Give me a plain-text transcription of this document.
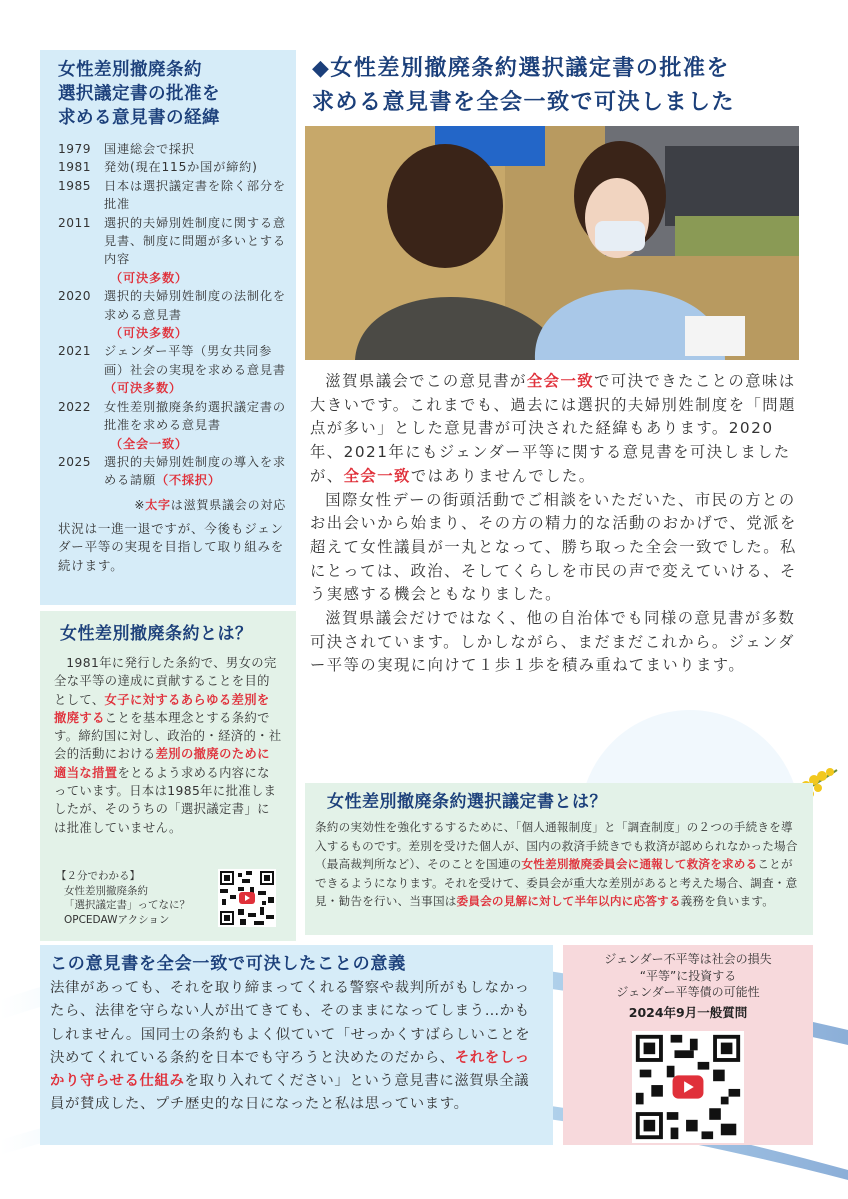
女性差別撤廃条約
選択議定書の批准を
求める意見書の経緯
1979	国連総会で採択
1981	発効(現在115か国が締約)
1985	日本は選択議定書を除く部分を批准
2011	選択的夫婦別姓制度に関する意見書、制度に問題が多いとする内容
（可決多数）
2020	選択的夫婦別姓制度の法制化を求める意見書
（可決多数）
2021	ジェンダー平等（男女共同参画）社会の実現を求める意見書（可決多数）
2022	女性差別撤廃条約選択議定書の批准を求める意見書
（全会一致）
2025	選択的夫婦別姓制度の導入を求める請願（不採択）
※太字は滋賀県議会の対応
状況は一進一退ですが、今後もジェンダー平等の実現を目指して取り組みを続けます。
女性差別撤廃条約とは？

1981年に発行した条約で、男女の完全な平等の達成に貢献することを目的として、女子に対するあらゆる差別を撤廃することを基本理念とする条約です。締約国に対し、政治的・経済的・社会的活動における差別の撤廃のために適当な措置をとるよう求める内容になっています。日本は1985年に批准しましたが、そのうちの「選択議定書」には批准していません。

【２分でわかる】
女性差別撤廃条約
「選択議定書」ってなに？
OPCEDAWアクション
◆女性差別撤廃条約選択議定書の批准を
求める意見書を全会一致で可決しました

滋賀県議会でこの意見書が全会一致で可決できたことの意味は大きいです。これまでも、過去には選択的夫婦別姓制度を「問題点が多い」とした意見書が可決された経緯もあります。2020年、2021年にもジェンダー平等に関する意見書を可決しましたが、全会一致ではありませんでした。

国際女性デーの街頭活動でご相談をいただいた、市民の方とのお出会いから始まり、その方の精力的な活動のおかげで、党派を超えて女性議員が一丸となって、勝ち取った全会一致でした。私にとっては、政治、そしてくらしを市民の声で変えていける、そう実感する機会ともなりました。

滋賀県議会だけではなく、他の自治体でも同様の意見書が多数可決されています。しかしながら、まだまだこれから。ジェンダー平等の実現に向けて１歩１歩を積み重ねてまいります。

女性差別撤廃条約選択議定書とは？

条約の実効性を強化するするために、「個人通報制度」と「調査制度」の２つの手続きを導入するものです。差別を受けた個人が、国内の救済手続きでも救済が認められなかった場合（最高裁判所など）、そのことを国連の女性差別撤廃委員会に通報して救済を求めることができるようになります。それを受けて、委員会が重大な差別があると考えた場合、調査・意見・勧告を行い、当事国は委員会の見解に対して半年以内に応答する義務を負います。

この意見書を全会一致で可決したことの意義

法律があっても、それを取り締まってくれる警察や裁判所がもしなかったら、法律を守らない人が出てきても、そのままになってしまう…かもしれません。国同士の条約もよく似ていて「せっかくすばらしいことを決めてくれている条約を日本でも守ろうと決めたのだから、それをしっかり守らせる仕組みを取り入れてください」という意見書に滋賀県全議員が賛成した、プチ歴史的な日になったと私は思っています。

ジェンダー不平等は社会の損失
“平等”に投資する
ジェンダー平等債の可能性
2024年9月一般質問
